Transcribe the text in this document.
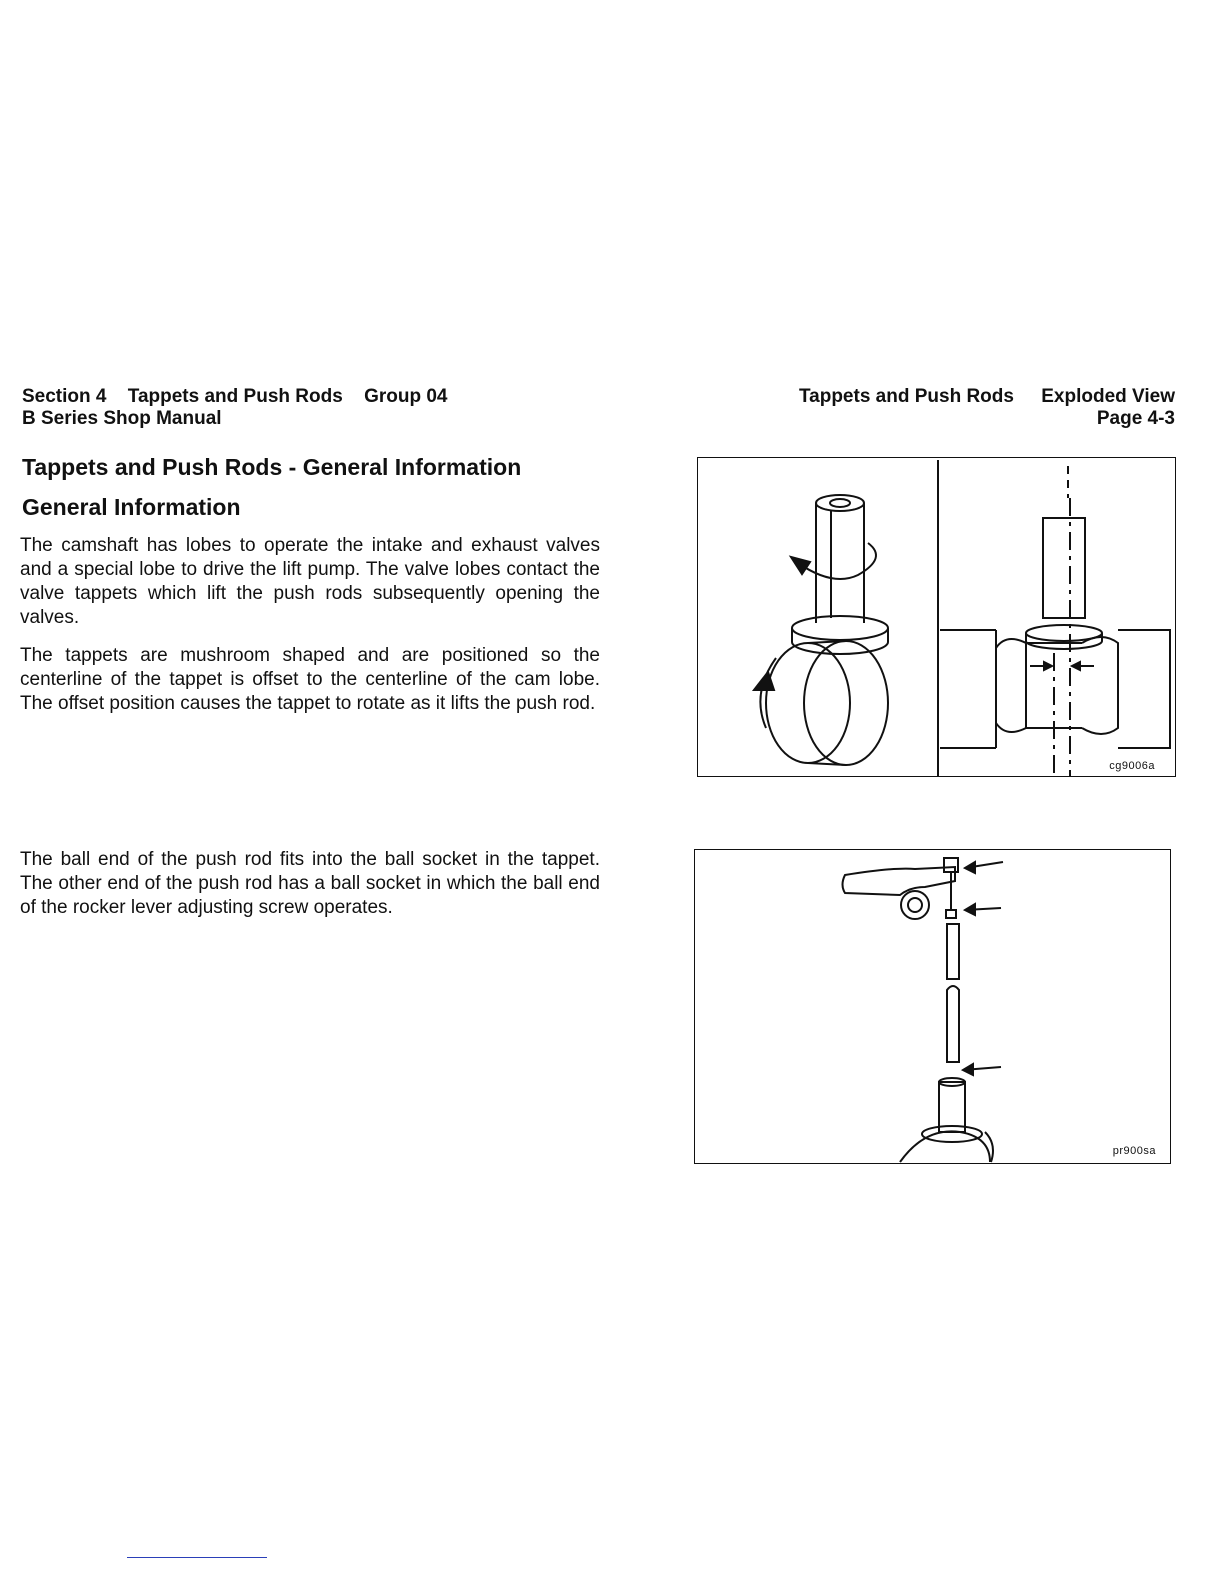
Section 4 Tappets and Push Rods Group 04
B Series Shop Manual
Tappets and Push Rods Exploded View
Page 4-3
Tappets and Push Rods - General Information
General Information

The camshaft has lobes to operate the intake and exhaust valves and a special lobe to drive the lift pump. The valve lobes contact the valve tappets which lift the push rods subsequently opening the valves.

The tappets are mushroom shaped and are positioned so the centerline of the tappet is offset to the centerline of the cam lobe. The offset position causes the tappet to rotate as it lifts the push rod.

The ball end of the push rod fits into the ball socket in the tappet. The other end of the push rod has a ball socket in which the ball end of the rocker lever adjusting screw operates.

cg9006a
pr900sa
